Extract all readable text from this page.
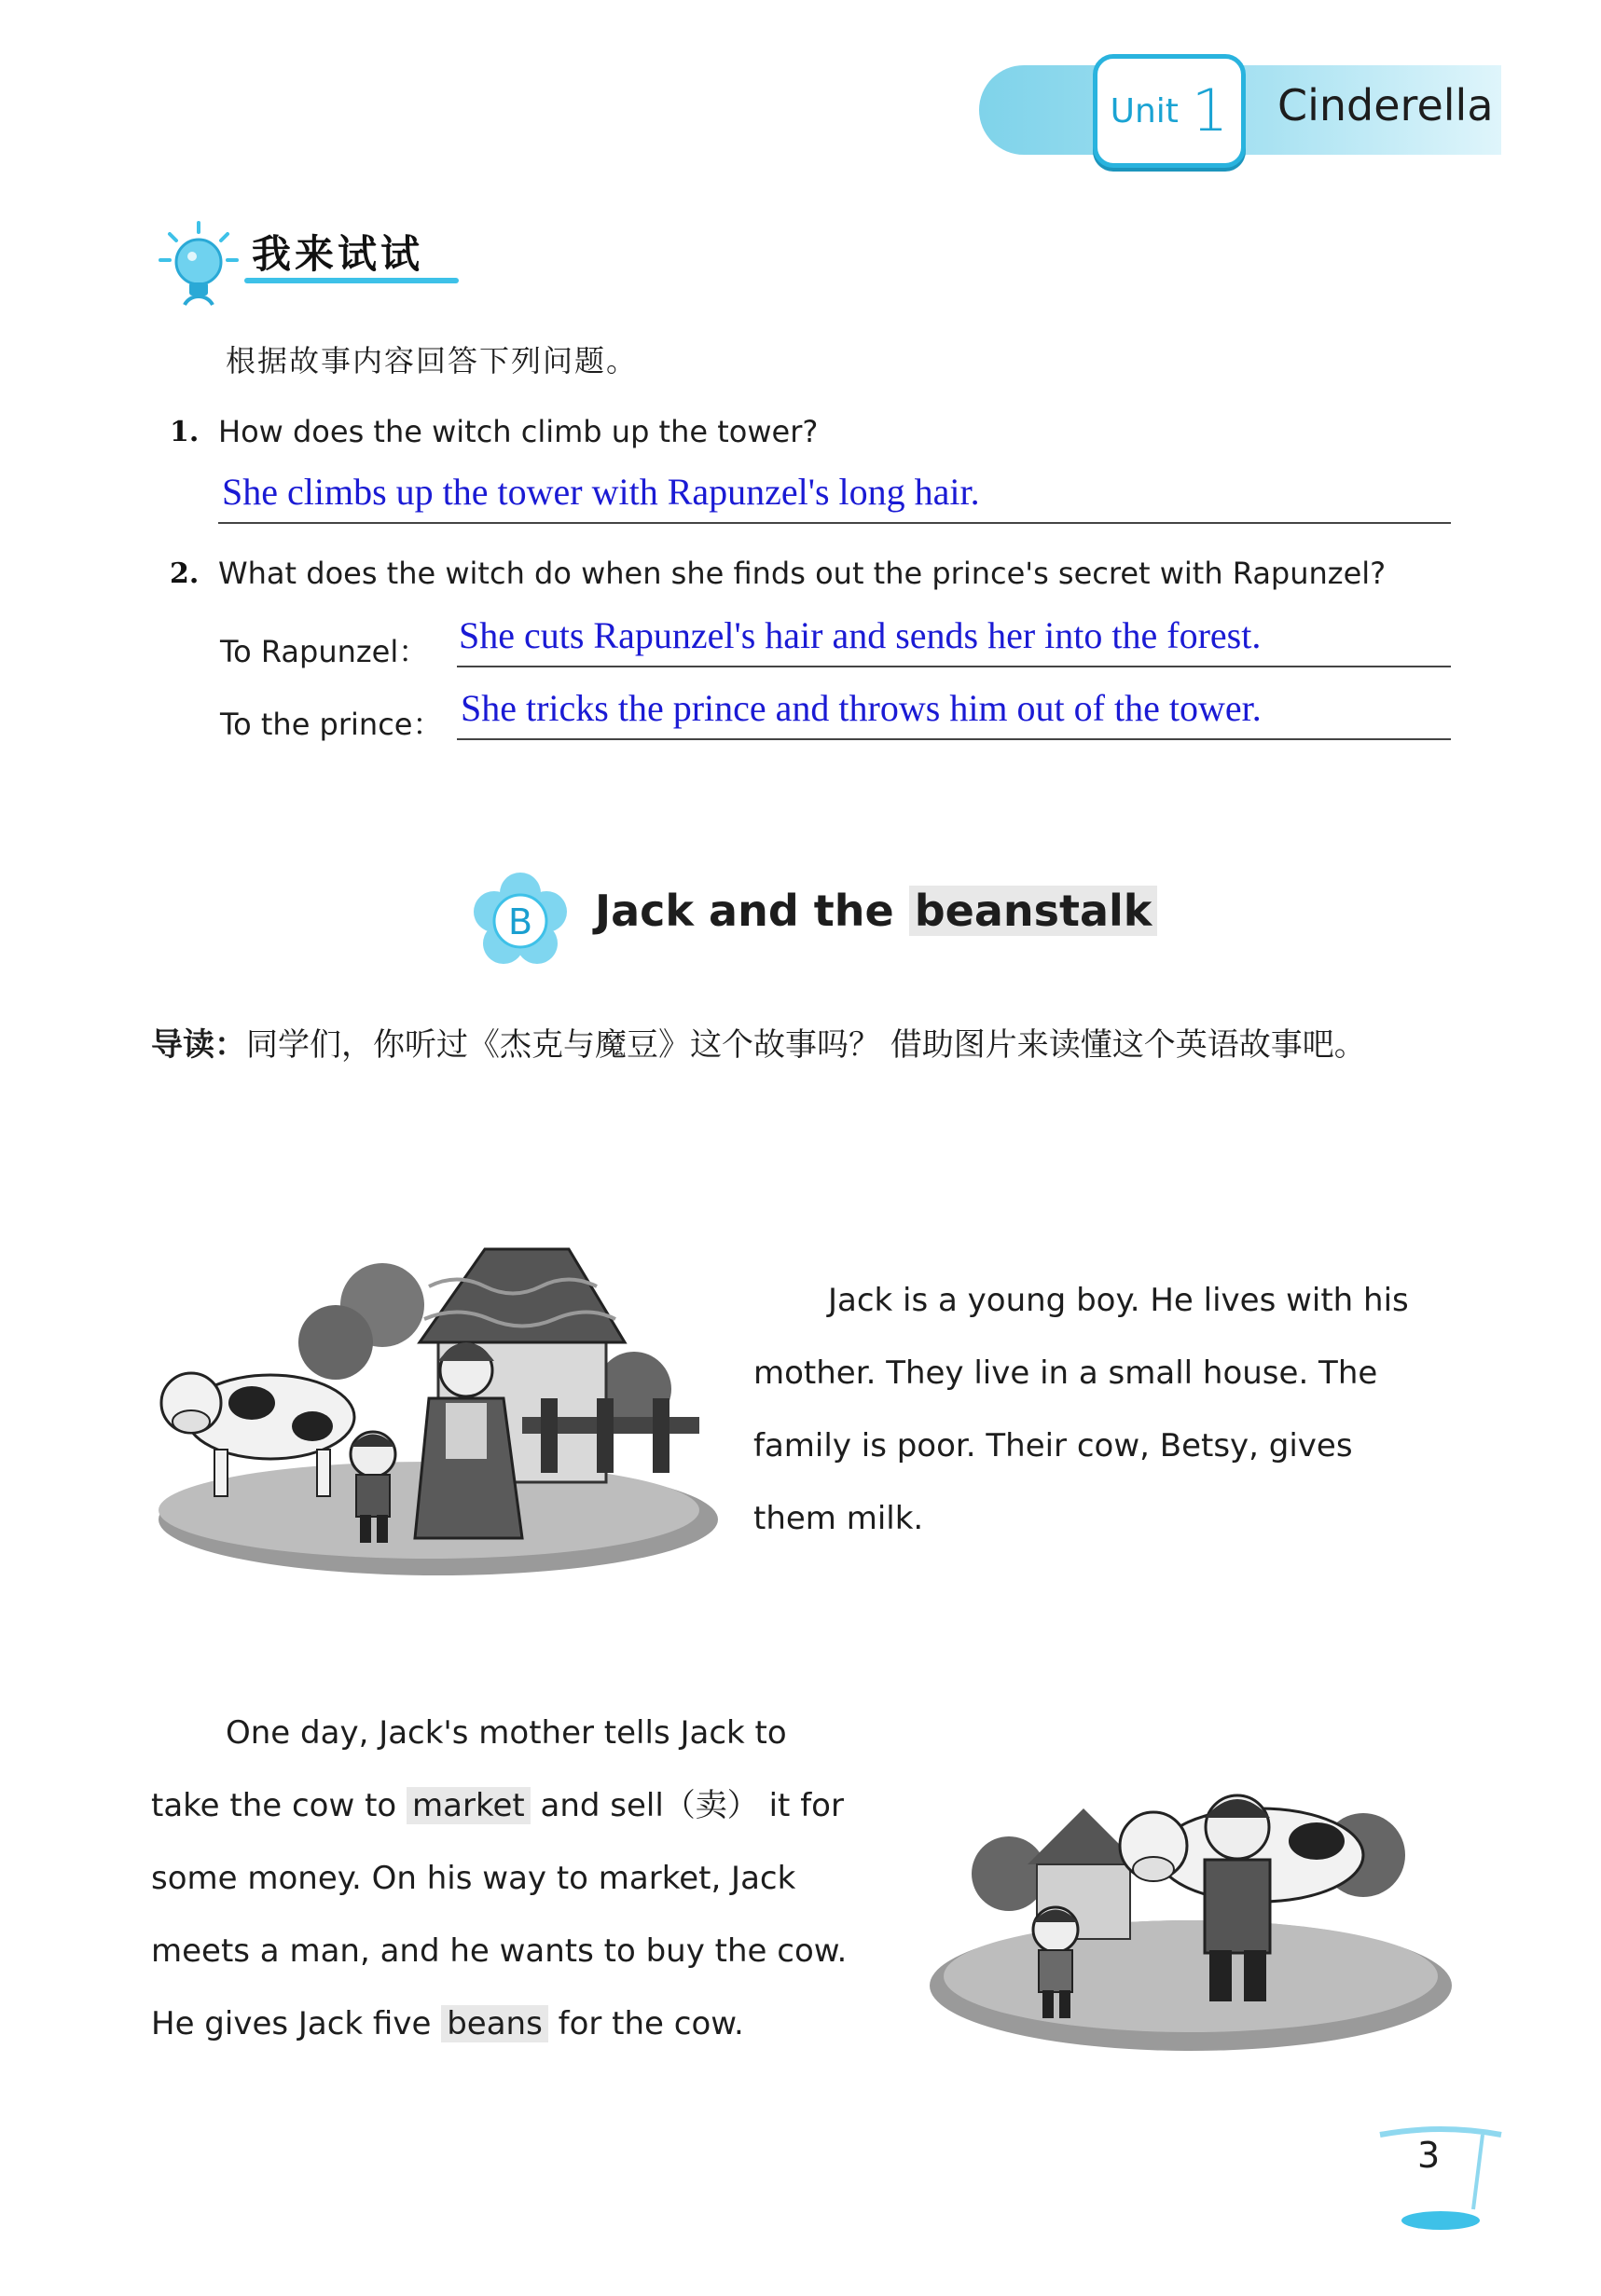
Unit 1 Cinderella
我来试试
根据故事内容回答下列问题。
1. How does the witch climb up the tower?
She climbs up the tower with Rapunzel's long hair.
2. What does the witch do when she finds out the prince's secret with Rapunzel?
To Rapunzel： She cuts Rapunzel's hair and sends her into the forest.
To the prince： She tricks the prince and throws him out of the tower.
B Jack and the beanstalk
导读：同学们，你听过《杰克与魔豆》这个故事吗？ 借助图片来读懂这个英语故事吧。
Jack is a young boy. He lives with his
mother. They live in a small house. The
family is poor. Their cow, Betsy, gives
them milk.
One day, Jack's mother tells Jack to
take the cow to market and sell（卖） it for
some money. On his way to market, Jack
meets a man, and he wants to buy the cow.
He gives Jack five beans for the cow.
3
